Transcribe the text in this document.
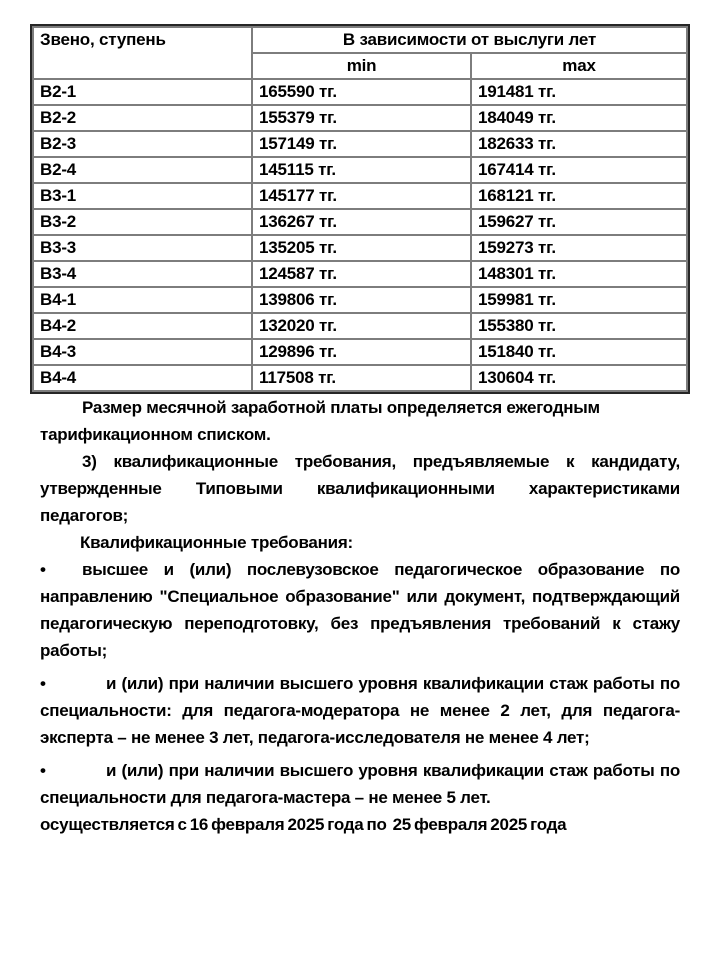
Звено, ступень	В зависимости от выслуги лет	
	min	max
В2-1	165590 тг.	191481 тг.
В2-2	155379 тг.	184049 тг.
В2-3	157149 тг.	182633 тг.
В2-4	145115 тг.	167414 тг.
В3-1	145177 тг.	168121 тг.
В3-2	136267 тг.	159627 тг.
В3-3	135205 тг.	159273 тг.
В3-4	124587 тг.	148301 тг.
В4-1	139806 тг.	159981 тг.
В4-2	132020 тг.	155380 тг.
В4-3	129896 тг.	151840 тг.
В4-4	117508 тг.	130604 тг.

Размер месячной заработной платы определяется ежегодным тарификационном списком.

3) квалификационные требования, предъявляемые к кандидату, утвержденные Типовыми квалификационными характеристиками педагогов;

Квалификационные требования:

• высшее и (или) послевузовское педагогическое образование по направлению "Специальное образование" или документ, подтверждающий педагогическую переподготовку, без предъявления требований к стажу работы;

•	и (или) при наличии высшего уровня квалификации стаж работы по специальности: для педагога-модератора не менее 2 лет, для педагога-эксперта – не менее 3 лет, педагога-исследователя не менее 4 лет;

•	и (или) при наличии высшего уровня квалификации стаж работы по специальности для педагога-мастера – не менее 5 лет.

осуществляется с 16 февраля 2025 года по  25 февраля 2025 года
